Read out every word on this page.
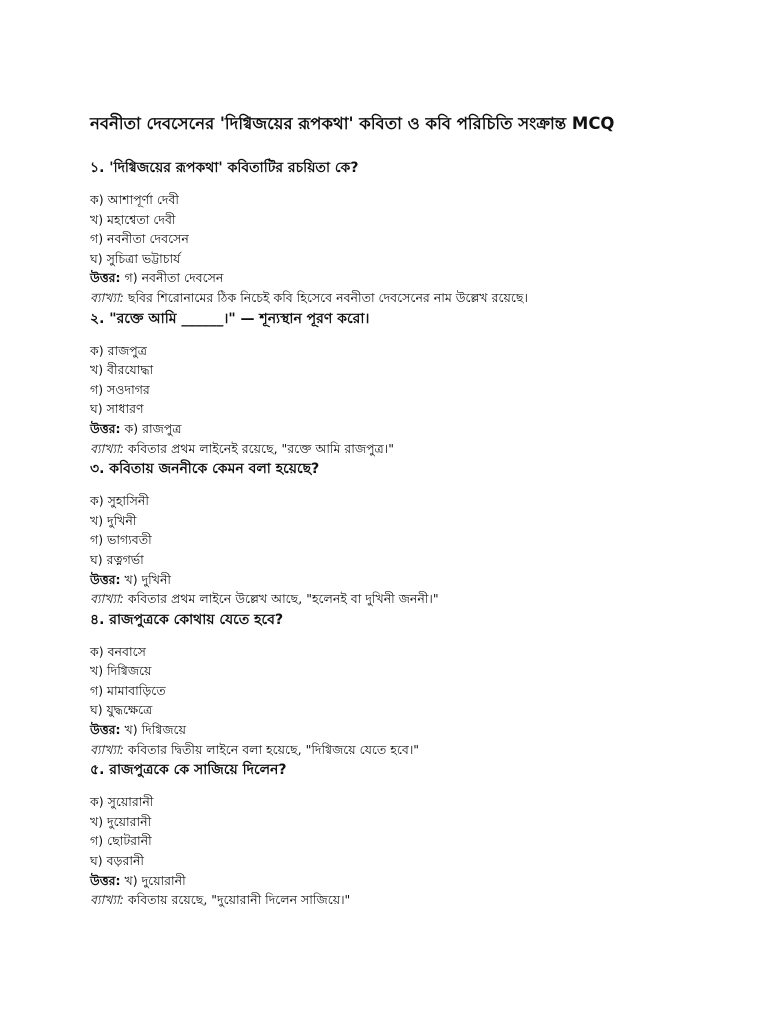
নবনীতা দেবসেনের 'দিগ্বিজয়ের রূপকথা' কবিতা ও কবি পরিচিতি সংক্রান্ত MCQ
১. 'দিগ্বিজয়ের রূপকথা' কবিতাটির রচয়িতা কে?
ক) আশাপূর্ণা দেবী
খ) মহাশ্বেতা দেবী
গ) নবনীতা দেবসেন
ঘ) সুচিত্রা ভট্টাচার্য
উত্তর: গ) নবনীতা দেবসেন
ব্যাখ্যা: ছবির শিরোনামের ঠিক নিচেই কবি হিসেবে নবনীতা দেবসেনের নাম উল্লেখ রয়েছে।
২. "রক্তে আমি ______।" — শূন্যস্থান পূরণ করো।
ক) রাজপুত্র
খ) বীরযোদ্ধা
গ) সওদাগর
ঘ) সাধারণ
উত্তর: ক) রাজপুত্র
ব্যাখ্যা: কবিতার প্রথম লাইনেই রয়েছে, "রক্তে আমি রাজপুত্র।"
৩. কবিতায় জননীকে কেমন বলা হয়েছে?
ক) সুহাসিনী
খ) দুখিনী
গ) ভাগ্যবতী
ঘ) রত্নগর্ভা
উত্তর: খ) দুখিনী
ব্যাখ্যা: কবিতার প্রথম লাইনে উল্লেখ আছে, "হলেনই বা দুখিনী জননী।"
৪. রাজপুত্রকে কোথায় যেতে হবে?
ক) বনবাসে
খ) দিগ্বিজয়ে
গ) মামাবাড়িতে
ঘ) যুদ্ধক্ষেত্রে
উত্তর: খ) দিগ্বিজয়ে
ব্যাখ্যা: কবিতার দ্বিতীয় লাইনে বলা হয়েছে, "দিগ্বিজয়ে যেতে হবে।"
৫. রাজপুত্রকে কে সাজিয়ে দিলেন?
ক) সুয়োরানী
খ) দুয়োরানী
গ) ছোটরানী
ঘ) বড়রানী
উত্তর: খ) দুয়োরানী
ব্যাখ্যা: কবিতায় রয়েছে, "দুয়োরানী দিলেন সাজিয়ে।"
